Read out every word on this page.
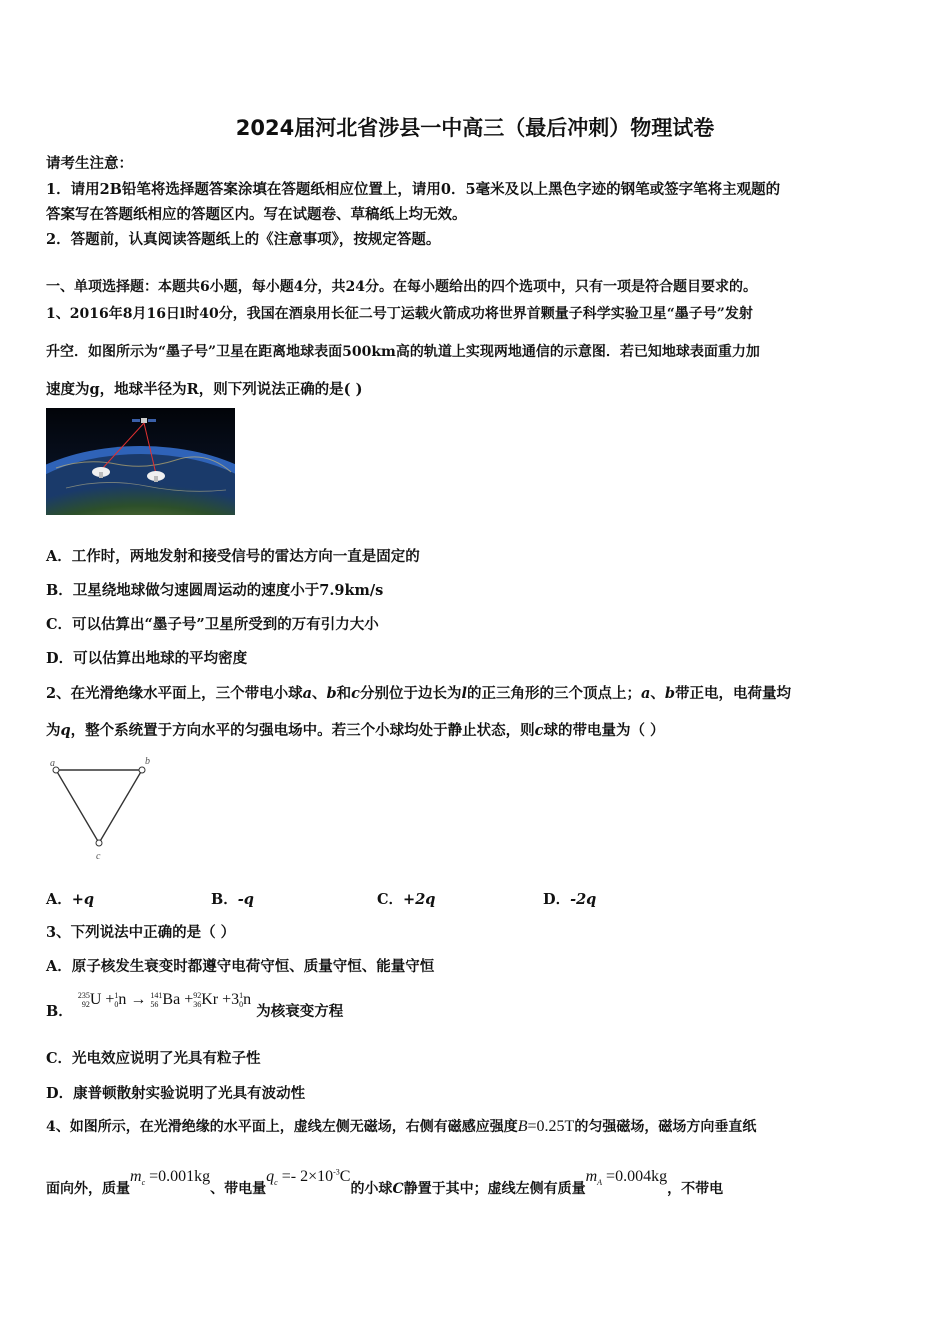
2024届河北省涉县一中高三（最后冲刺）物理试卷
请考生注意：
1．请用2B铅笔将选择题答案涂填在答题纸相应位置上，请用0．5毫米及以上黑色字迹的钢笔或签字笔将主观题的
答案写在答题纸相应的答题区内。写在试题卷、草稿纸上均无效。
2．答题前，认真阅读答题纸上的《注意事项》，按规定答题。
一、单项选择题：本题共6小题，每小题4分，共24分。在每小题给出的四个选项中，只有一项是符合题目要求的。
1、2016年8月16日l时40分，我国在酒泉用长征二号丁运载火箭成功将世界首颗量子科学实验卫星“墨子号”发射
升空．如图所示为“墨子号”卫星在距离地球表面500km高的轨道上实现两地通信的示意图．若已知地球表面重力加
速度为g，地球半径为R，则下列说法正确的是( )
A．工作时，两地发射和接受信号的雷达方向一直是固定的
B．卫星绕地球做匀速圆周运动的速度小于7.9km/s
C．可以估算出“墨子号”卫星所受到的万有引力大小
D．可以估算出地球的平均密度
2、在光滑绝缘水平面上，三个带电小球a、b和c分别位于边长为l的正三角形的三个顶点上；a、b带正电，电荷量均
为q，整个系统置于方向水平的匀强电场中。若三个小球均处于静止状态，则c球的带电量为（ ）
a	b
c
A．+q	B．-q	C．+2q	D．-2q
3、下列说法中正确的是（ ）
A．原子核发生衰变时都遵守电荷守恒、质量守恒、能量守恒
B．
235
92 U + 1
0 n → 141
56 Ba + 92
36 Kr +3 1
0 n 为核衰变方程
C．光电效应说明了光具有粒子性
D．康普顿散射实验说明了光具有波动性
4、如图所示，在光滑绝缘的水平面上，虚线左侧无磁场，右侧有磁感应强度B=0.25T的匀强磁场，磁场方向垂直纸
面向外，质量$m_c =0.001kg$、带电量$q_c =- 2\times 10^{-3}C$的小球C静置于其中；虚线左侧有质量$m_A =0.004kg$，不带电
